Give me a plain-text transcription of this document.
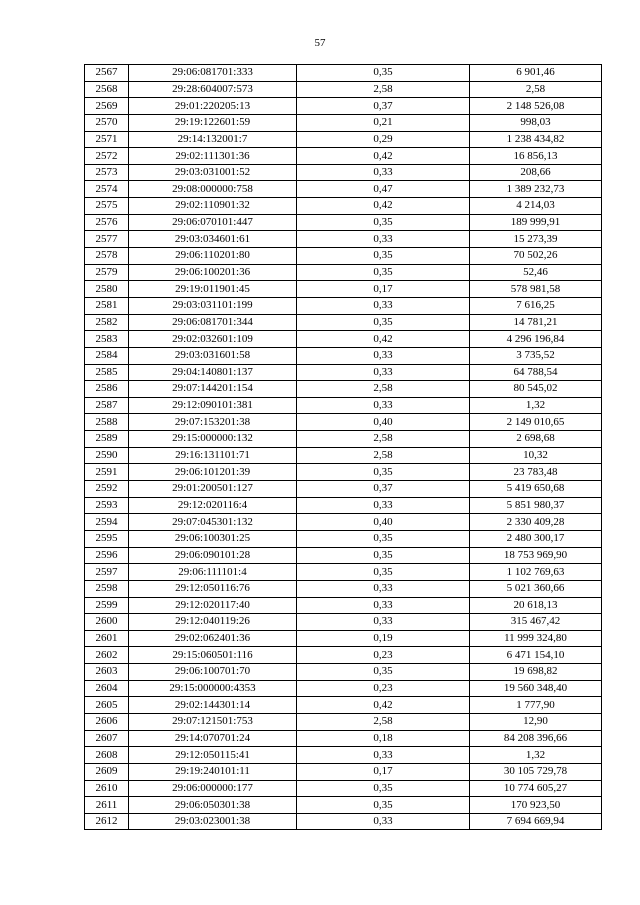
57
2567	29:06:081701:333	0,35	6 901,46
2568	29:28:604007:573	2,58	2,58
2569	29:01:220205:13	0,37	2 148 526,08
2570	29:19:122601:59	0,21	998,03
2571	29:14:132001:7	0,29	1 238 434,82
2572	29:02:111301:36	0,42	16 856,13
2573	29:03:031001:52	0,33	208,66
2574	29:08:000000:758	0,47	1 389 232,73
2575	29:02:110901:32	0,42	4 214,03
2576	29:06:070101:447	0,35	189 999,91
2577	29:03:034601:61	0,33	15 273,39
2578	29:06:110201:80	0,35	70 502,26
2579	29:06:100201:36	0,35	52,46
2580	29:19:011901:45	0,17	578 981,58
2581	29:03:031101:199	0,33	7 616,25
2582	29:06:081701:344	0,35	14 781,21
2583	29:02:032601:109	0,42	4 296 196,84
2584	29:03:031601:58	0,33	3 735,52
2585	29:04:140801:137	0,33	64 788,54
2586	29:07:144201:154	2,58	80 545,02
2587	29:12:090101:381	0,33	1,32
2588	29:07:153201:38	0,40	2 149 010,65
2589	29:15:000000:132	2,58	2 698,68
2590	29:16:131101:71	2,58	10,32
2591	29:06:101201:39	0,35	23 783,48
2592	29:01:200501:127	0,37	5 419 650,68
2593	29:12:020116:4	0,33	5 851 980,37
2594	29:07:045301:132	0,40	2 330 409,28
2595	29:06:100301:25	0,35	2 480 300,17
2596	29:06:090101:28	0,35	18 753 969,90
2597	29:06:111101:4	0,35	1 102 769,63
2598	29:12:050116:76	0,33	5 021 360,66
2599	29:12:020117:40	0,33	20 618,13
2600	29:12:040119:26	0,33	315 467,42
2601	29:02:062401:36	0,19	11 999 324,80
2602	29:15:060501:116	0,23	6 471 154,10
2603	29:06:100701:70	0,35	19 698,82
2604	29:15:000000:4353	0,23	19 560 348,40
2605	29:02:144301:14	0,42	1 777,90
2606	29:07:121501:753	2,58	12,90
2607	29:14:070701:24	0,18	84 208 396,66
2608	29:12:050115:41	0,33	1,32
2609	29:19:240101:11	0,17	30 105 729,78
2610	29:06:000000:177	0,35	10 774 605,27
2611	29:06:050301:38	0,35	170 923,50
2612	29:03:023001:38	0,33	7 694 669,94
